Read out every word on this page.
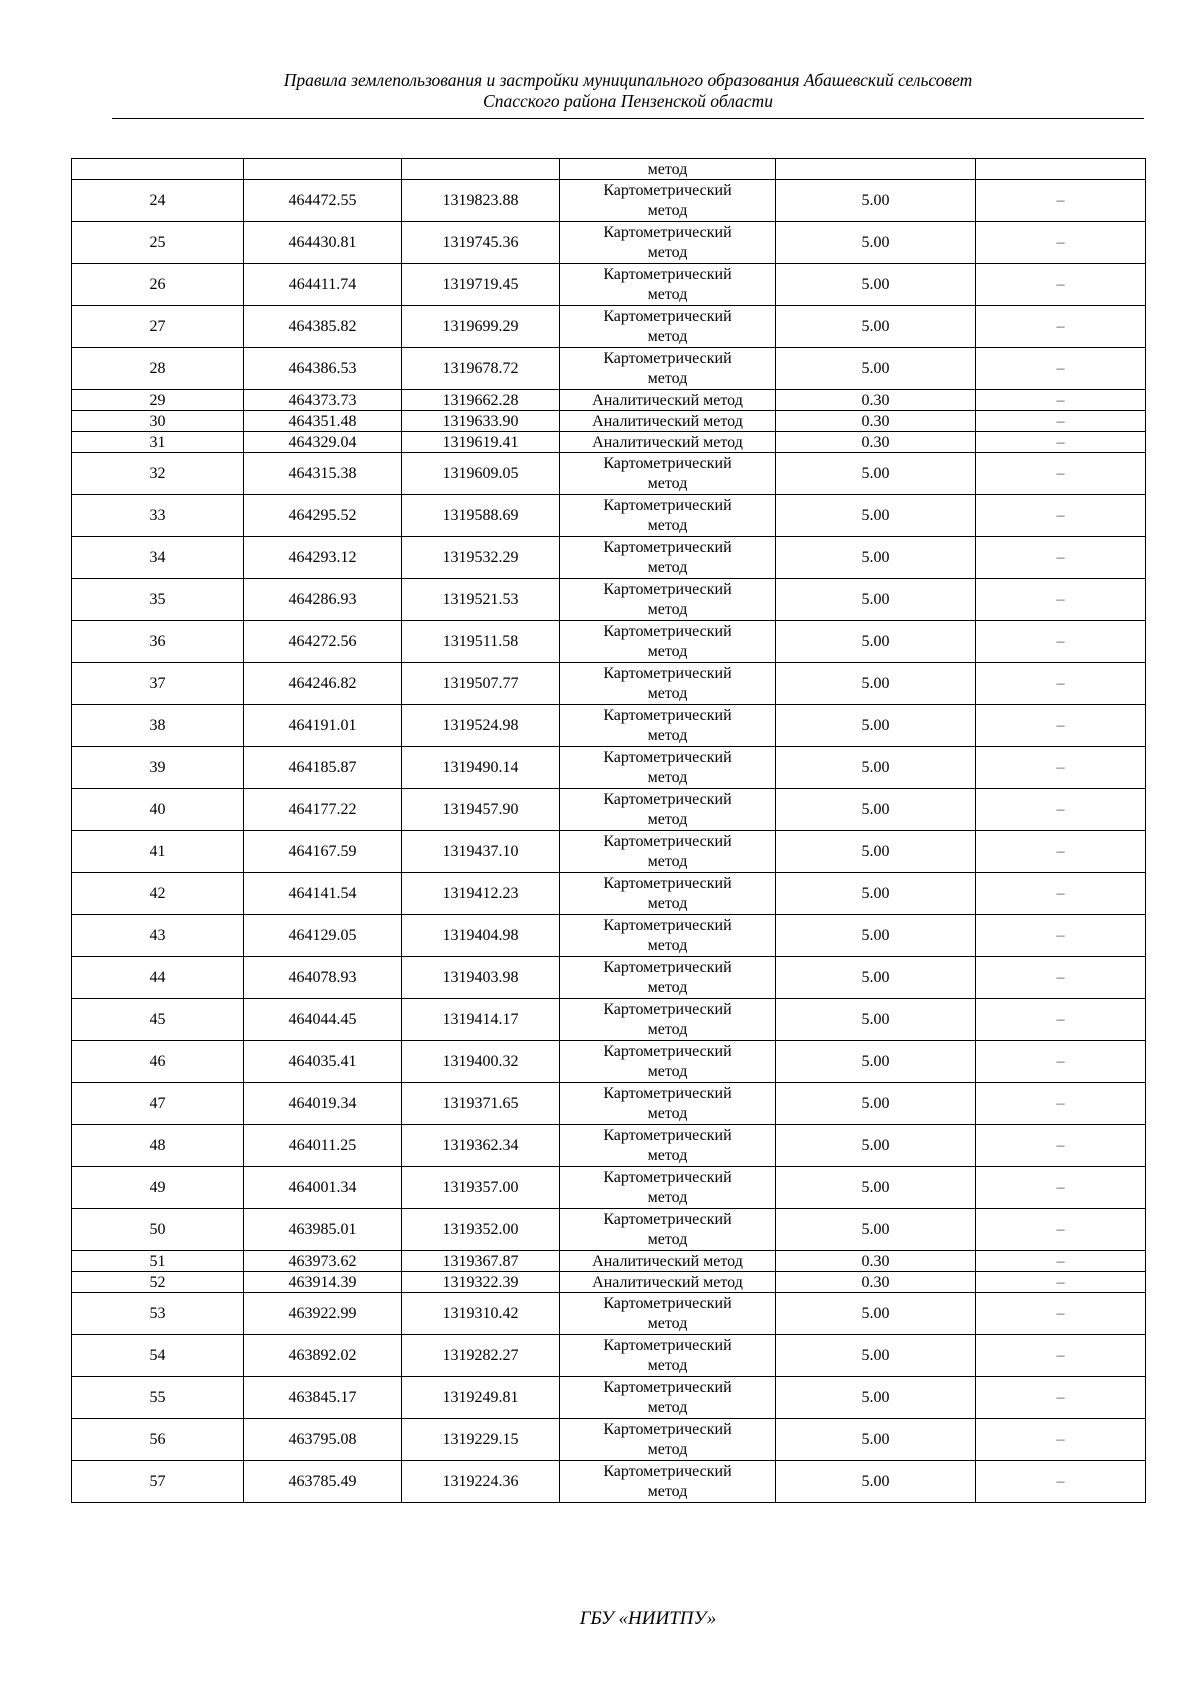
Правила землепользования и застройки муниципального образования Абашевский сельсовет
Спасского района Пензенской области
			метод		
24	464472.55	1319823.88	Картометрический
метод	5.00	–
25	464430.81	1319745.36	Картометрический
метод	5.00	–
26	464411.74	1319719.45	Картометрический
метод	5.00	–
27	464385.82	1319699.29	Картометрический
метод	5.00	–
28	464386.53	1319678.72	Картометрический
метод	5.00	–
29	464373.73	1319662.28	Аналитический метод	0.30	–
30	464351.48	1319633.90	Аналитический метод	0.30	–
31	464329.04	1319619.41	Аналитический метод	0.30	–
32	464315.38	1319609.05	Картометрический
метод	5.00	–
33	464295.52	1319588.69	Картометрический
метод	5.00	–
34	464293.12	1319532.29	Картометрический
метод	5.00	–
35	464286.93	1319521.53	Картометрический
метод	5.00	–
36	464272.56	1319511.58	Картометрический
метод	5.00	–
37	464246.82	1319507.77	Картометрический
метод	5.00	–
38	464191.01	1319524.98	Картометрический
метод	5.00	–
39	464185.87	1319490.14	Картометрический
метод	5.00	–
40	464177.22	1319457.90	Картометрический
метод	5.00	–
41	464167.59	1319437.10	Картометрический
метод	5.00	–
42	464141.54	1319412.23	Картометрический
метод	5.00	–
43	464129.05	1319404.98	Картометрический
метод	5.00	–
44	464078.93	1319403.98	Картометрический
метод	5.00	–
45	464044.45	1319414.17	Картометрический
метод	5.00	–
46	464035.41	1319400.32	Картометрический
метод	5.00	–
47	464019.34	1319371.65	Картометрический
метод	5.00	–
48	464011.25	1319362.34	Картометрический
метод	5.00	–
49	464001.34	1319357.00	Картометрический
метод	5.00	–
50	463985.01	1319352.00	Картометрический
метод	5.00	–
51	463973.62	1319367.87	Аналитический метод	0.30	–
52	463914.39	1319322.39	Аналитический метод	0.30	–
53	463922.99	1319310.42	Картометрический
метод	5.00	–
54	463892.02	1319282.27	Картометрический
метод	5.00	–
55	463845.17	1319249.81	Картометрический
метод	5.00	–
56	463795.08	1319229.15	Картометрический
метод	5.00	–
57	463785.49	1319224.36	Картометрический
метод	5.00	–
ГБУ «НИИТПУ»
